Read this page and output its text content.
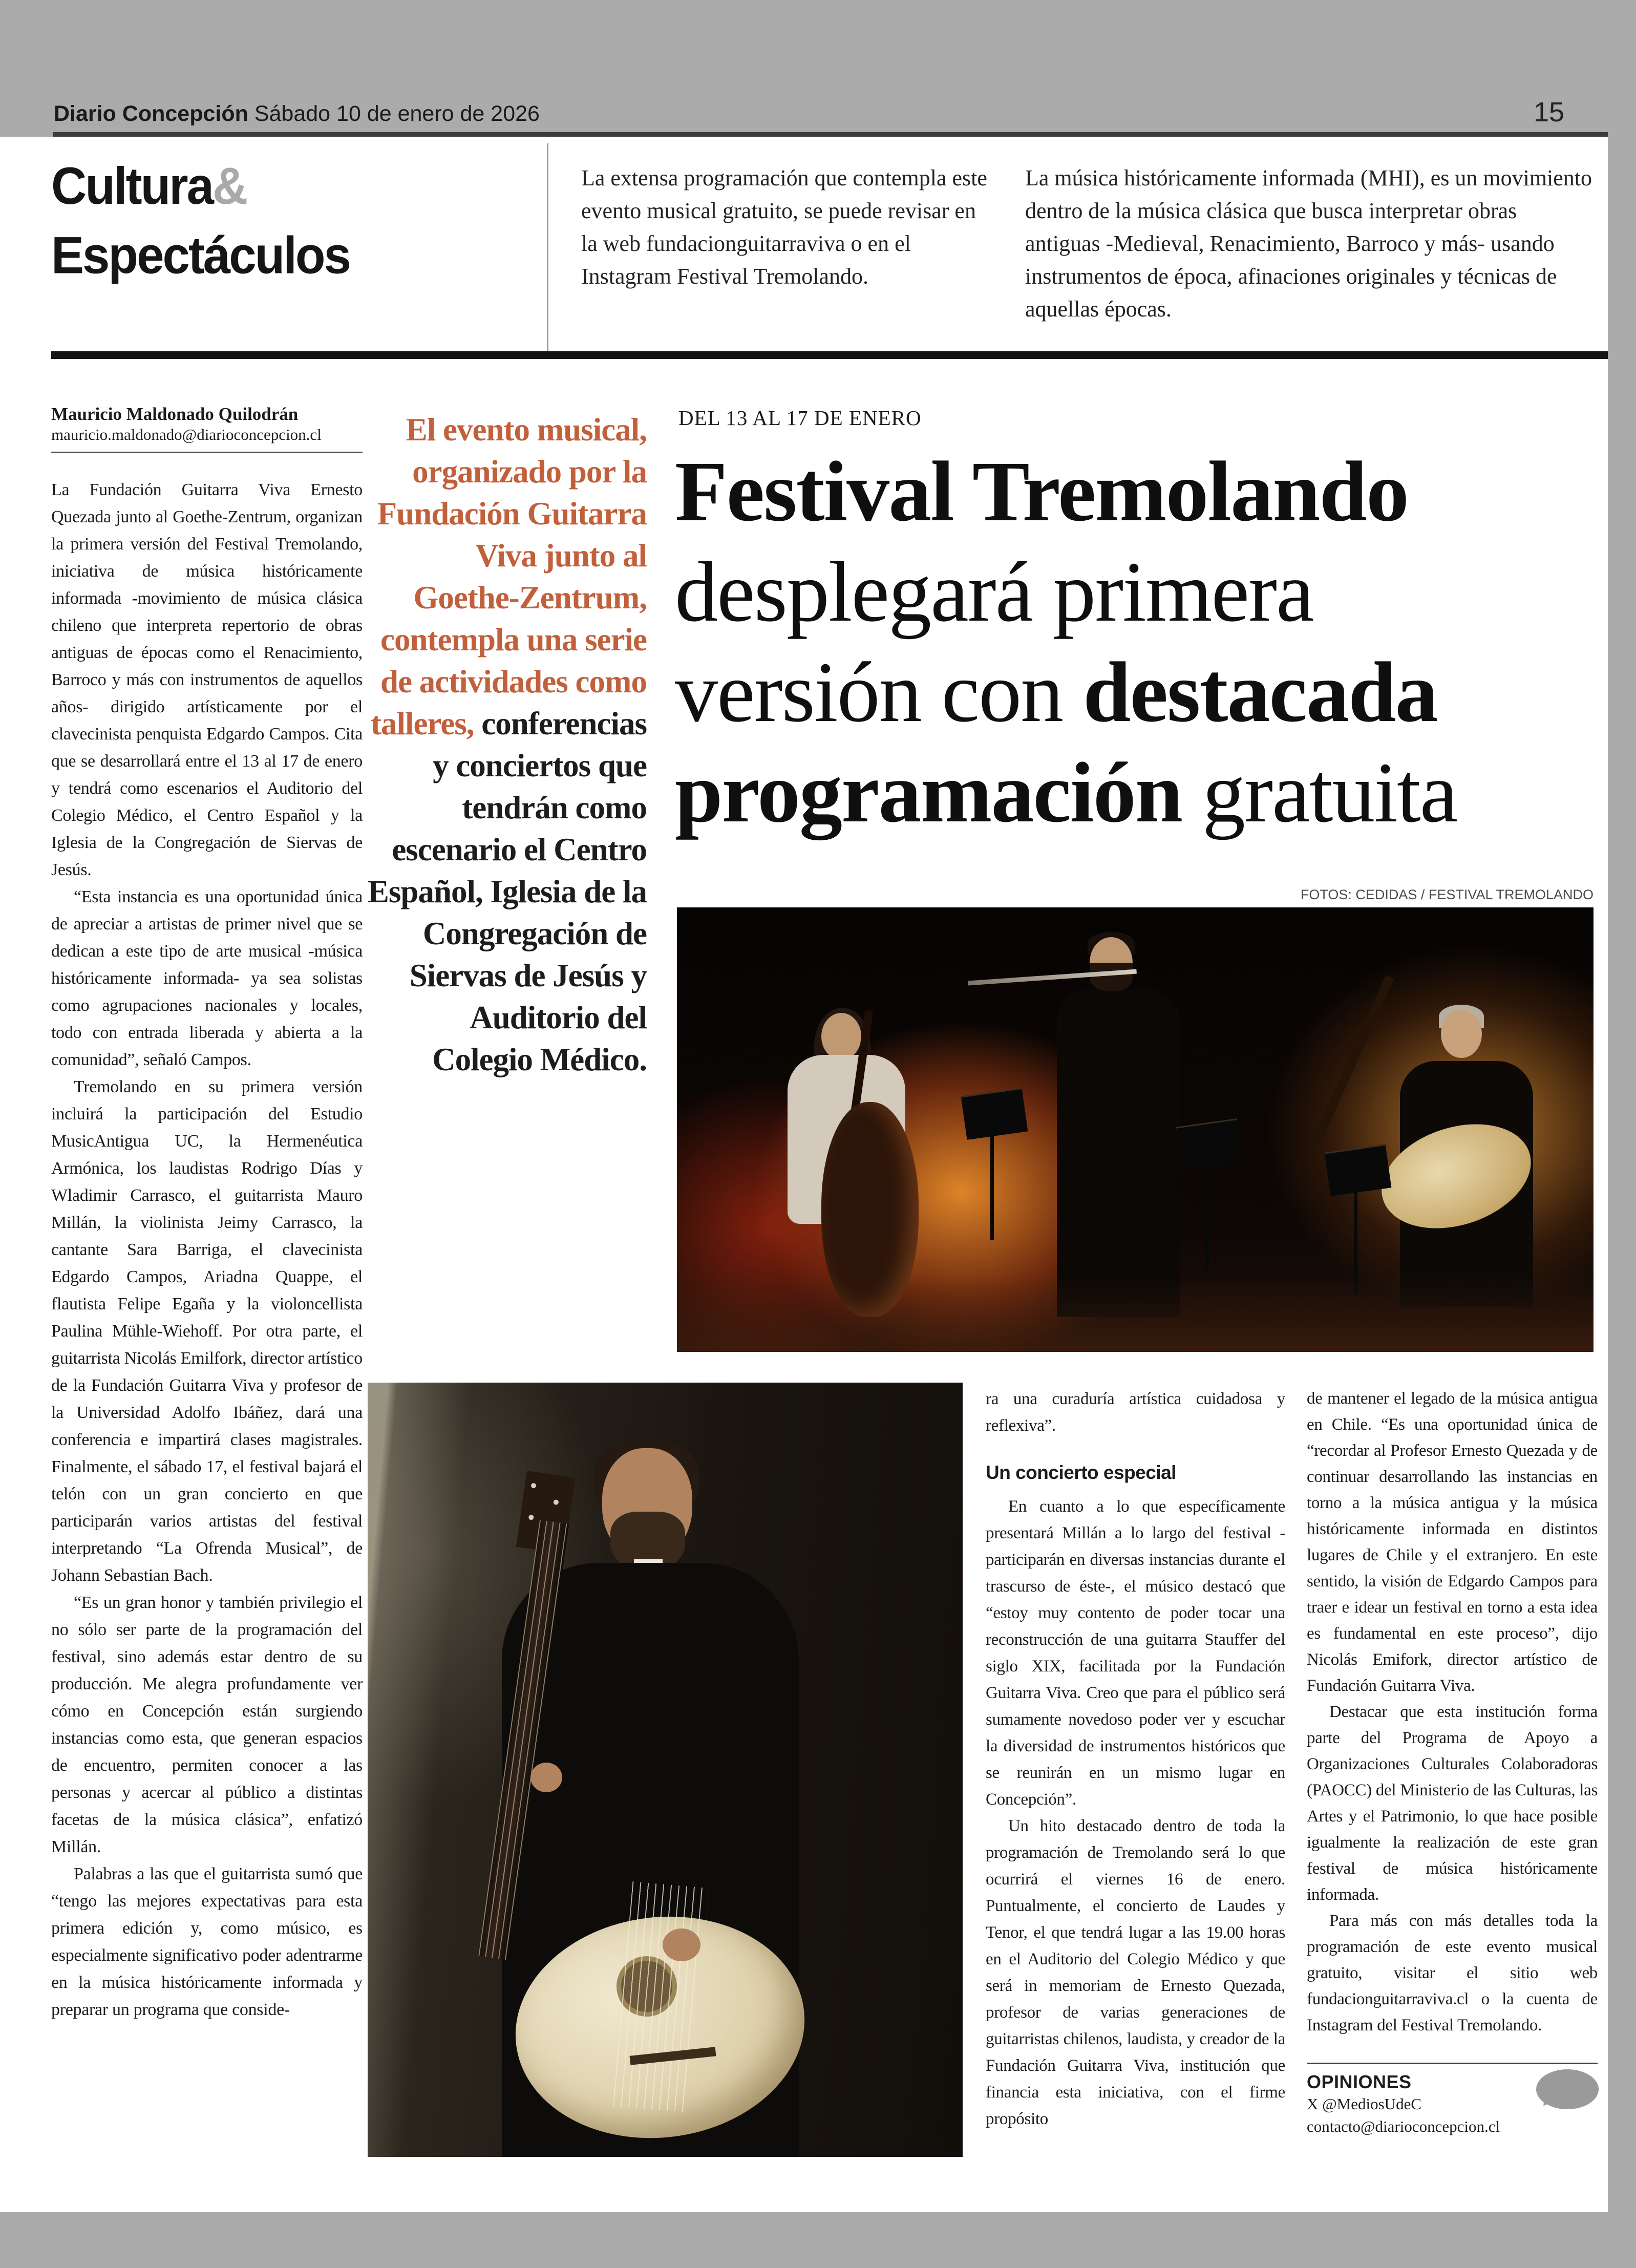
Diario Concepción Sábado 10 de enero de 2026	15
Cultura&
Espectáculos
La extensa programación que contempla este evento musical gratuito, se puede revisar en la web fundacionguitarraviva o en el Instagram Festival Tremolando.
La música históricamente informada (MHI), es un movimiento dentro de la música clásica que busca interpretar obras antiguas -Medieval, Renacimiento, Barroco y más- usando instrumentos de época, afinaciones originales y técnicas de aquellas épocas.
Mauricio Maldonado Quilodrán
mauricio.maldonado@diarioconcepcion.cl

La Fundación Guitarra Viva Ernesto Quezada junto al Goethe-Zentrum, organizan la primera versión del Festival Tremolando, iniciativa de música históricamente informada -movimiento de música clásica chileno que interpreta repertorio de obras antiguas de épocas como el Renacimiento, Barroco y más con instrumentos de aquellos años- dirigido artísticamente por el clavecinista penquista Edgardo Campos. Cita que se desarrollará entre el 13 al 17 de enero y tendrá como escenarios el Auditorio del Colegio Médico, el Centro Español y la Iglesia de la Congregación de Siervas de Jesús.

“Esta instancia es una oportunidad única de apreciar a artistas de primer nivel que se dedican a este tipo de arte musical -música históricamente informada- ya sea solistas como agrupaciones nacionales y locales, todo con entrada liberada y abierta a la comunidad”, señaló Campos.

Tremolando en su primera versión incluirá la participación del Estudio MusicAntigua UC, la Hermenéutica Armónica, los laudistas Rodrigo Días y Wladimir Carrasco, el guitarrista Mauro Millán, la violinista Jeimy Carrasco, la cantante Sara Barriga, el clavecinista Edgardo Campos, Ariadna Quappe, el flautista Felipe Egaña y la violoncellista Paulina Mühle-Wiehoff. Por otra parte, el guitarrista Nicolás Emilfork, director artístico de la Fundación Guitarra Viva y profesor de la Universidad Adolfo Ibáñez, dará una conferencia e impartirá clases magistrales. Finalmente, el sábado 17, el festival bajará el telón con un gran concierto en que participarán varios artistas del festival interpretando “La Ofrenda Musical”, de Johann Sebastian Bach.

“Es un gran honor y también privilegio el no sólo ser parte de la programación del festival, sino además estar dentro de su producción. Me alegra profundamente ver cómo en Concepción están surgiendo instancias como esta, que generan espacios de encuentro, permiten conocer a las personas y acercar al público a distintas facetas de la música clásica”, enfatizó Millán.

Palabras a las que el guitarrista sumó que “tengo las mejores expectativas para esta primera edición y, como músico, es especialmente significativo poder adentrarme en la música históricamente informada y preparar un programa que conside-

El evento musical, organizado por la Fundación Guitarra Viva junto al Goethe-Zentrum, contempla una serie de actividades como talleres, conferencias y conciertos que tendrán como escenario el Centro Español, Iglesia de la Congregación de Siervas de Jesús y Auditorio del Colegio Médico.
DEL 13 AL 17 DE ENERO
Festival Tremolando
desplegará primera
versión con destacada
programación gratuita
FOTOS: CEDIDAS / FESTIVAL TREMOLANDO

ra una curaduría artística cuidadosa y reflexiva”.

Un concierto especial

En cuanto a lo que específicamente presentará Millán a lo largo del festival -participarán en diversas instancias durante el trascurso de éste-, el músico destacó que “estoy muy contento de poder tocar una reconstrucción de una guitarra Stauffer del siglo XIX, facilitada por la Fundación Guitarra Viva. Creo que para el público será sumamente novedoso poder ver y escuchar la diversidad de instrumentos históricos que se reunirán en un mismo lugar en Concepción”.

Un hito destacado dentro de toda la programación de Tremolando será lo que ocurrirá el viernes 16 de enero. Puntualmente, el concierto de Laudes y Tenor, el que tendrá lugar a las 19.00 horas en el Auditorio del Colegio Médico y que será in memoriam de Ernesto Quezada, profesor de varias generaciones de guitarristas chilenos, laudista, y creador de la Fundación Guitarra Viva, institución que financia esta iniciativa, con el firme propósito

de mantener el legado de la música antigua en Chile. “Es una oportunidad única de “recordar al Profesor Ernesto Quezada y de continuar desarrollando las instancias en torno a la música antigua y la música históricamente informada en distintos lugares de Chile y el extranjero. En este sentido, la visión de Edgardo Campos para traer e idear un festival en torno a esta idea es fundamental en este proceso”, dijo Nicolás Emifork, director artístico de Fundación Guitarra Viva.

Destacar que esta institución forma parte del Programa de Apoyo a Organizaciones Culturales Colaboradoras (PAOCC) del Ministerio de las Culturas, las Artes y el Patrimonio, lo que hace posible igualmente la realización de este gran festival de música históricamente informada.

Para más con más detalles toda la programación de este evento musical gratuito, visitar el sitio web fundacionguitarraviva.cl o la cuenta de Instagram del Festival Tremolando.

OPINIONES
X @MediosUdeC
contacto@diarioconcepcion.cl
